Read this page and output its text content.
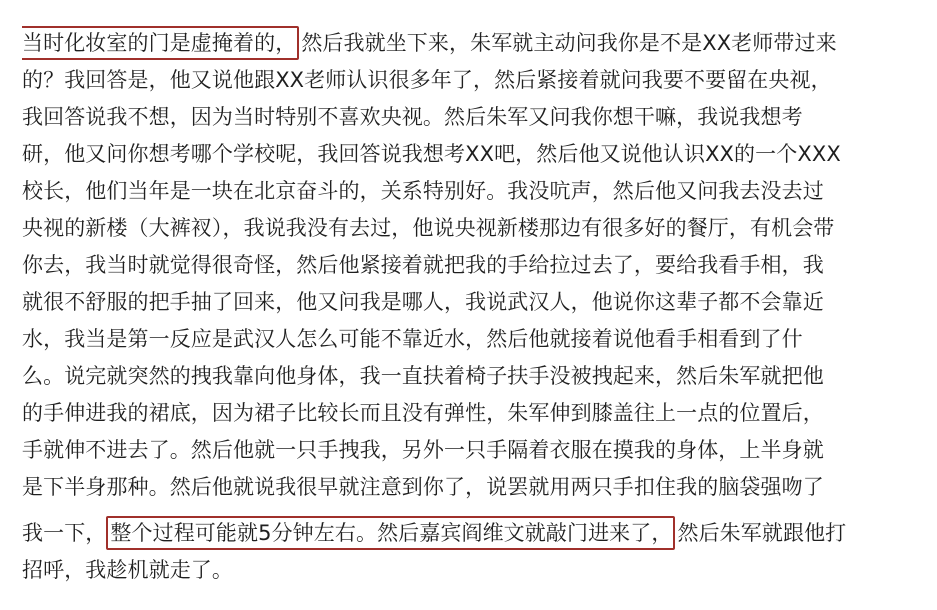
当时化妆室的门是虚掩着的， 然后我就坐下来，朱军就主动问我你是不是XX老师带过来
的？我回答是，他又说他跟XX老师认识很多年了，然后紧接着就问我要不要留在央视，
我回答说我不想，因为当时特别不喜欢央视。然后朱军又问我你想干嘛，我说我想考
研，他又问你想考哪个学校呢，我回答说我想考XX吧，然后他又说他认识XX的一个XXX
校长，他们当年是一块在北京奋斗的，关系特别好。我没吭声，然后他又问我去没去过
央视的新楼（大裤衩），我说我没有去过，他说央视新楼那边有很多好的餐厅，有机会带
你去，我当时就觉得很奇怪，然后他紧接着就把我的手给拉过去了，要给我看手相，我
就很不舒服的把手抽了回来，他又问我是哪人，我说武汉人，他说你这辈子都不会靠近
水，我当是第一反应是武汉人怎么可能不靠近水，然后他就接着说他看手相看到了什
么。说完就突然的拽我靠向他身体，我一直扶着椅子扶手没被拽起来，然后朱军就把他
的手伸进我的裙底，因为裙子比较长而且没有弹性，朱军伸到膝盖往上一点的位置后，
手就伸不进去了。然后他就一只手拽我，另外一只手隔着衣服在摸我的身体，上半身就
是下半身那种。然后他就说我很早就注意到你了，说罢就用两只手扣住我的脑袋强吻了
我一下， 整个过程可能就5分钟左右。然后嘉宾阎维文就敲门进来了， 然后朱军就跟他打
招呼，我趁机就走了。
